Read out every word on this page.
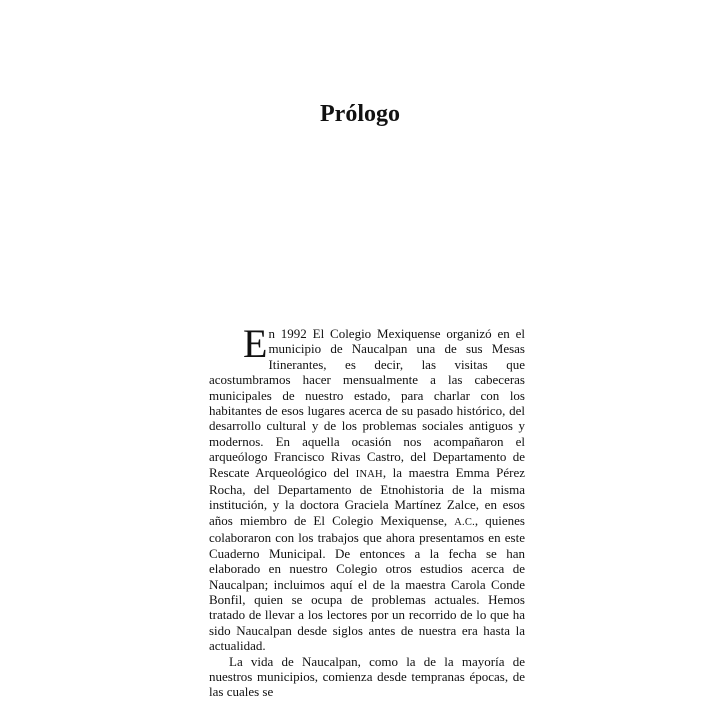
Prólogo

En 1992 El Colegio Mexiquense organizó en el municipio de Naucalpan una de sus Mesas Itinerantes, es decir, las visitas que acostumbramos hacer mensualmente a las cabeceras municipales de nuestro estado, para charlar con los habitantes de esos lugares acerca de su pasado histórico, del desarrollo cultural y de los problemas sociales antiguos y modernos. En aquella ocasión nos acompañaron el arqueólogo Francisco Rivas Castro, del Departamento de Rescate Arqueológico del INAH, la maestra Emma Pérez Rocha, del Departamento de Etnohistoria de la misma institución, y la doctora Graciela Martínez Zalce, en esos años miembro de El Colegio Mexiquense, A.C., quienes colaboraron con los trabajos que ahora presentamos en este Cuaderno Municipal. De entonces a la fecha se han elaborado en nuestro Colegio otros estudios acerca de Naucalpan; incluimos aquí el de la maestra Carola Conde Bonfil, quien se ocupa de problemas actuales. Hemos tratado de llevar a los lectores por un recorrido de lo que ha sido Naucalpan desde siglos antes de nuestra era hasta la actualidad.

La vida de Naucalpan, como la de la mayoría de nuestros municipios, comienza desde tempranas épocas, de las cuales se
